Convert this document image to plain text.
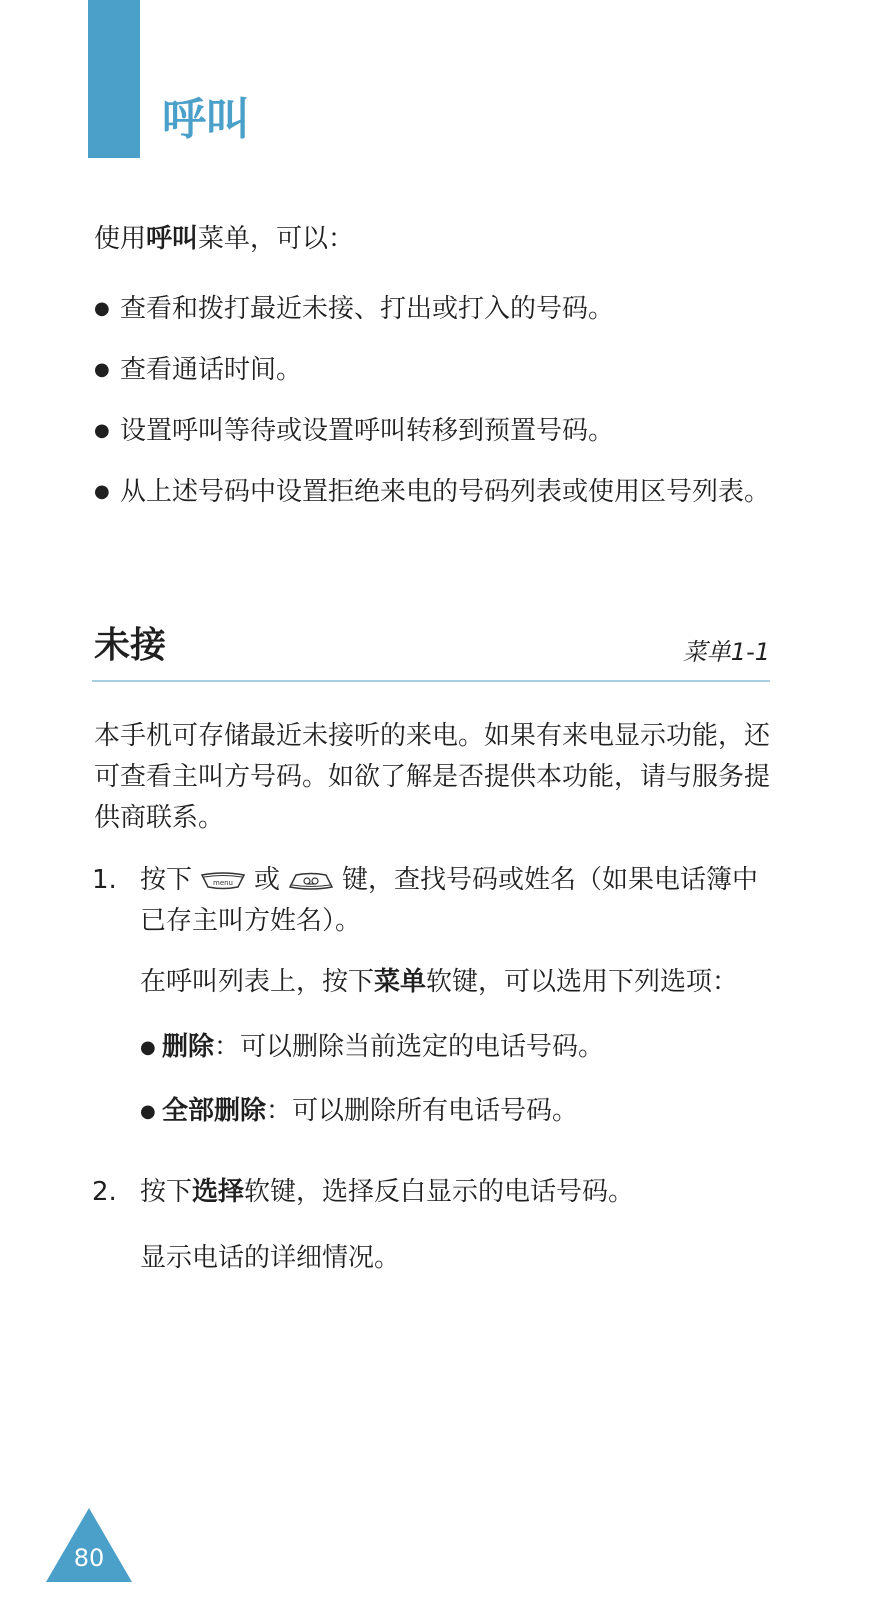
呼叫
使用呼叫菜单，可以：
● 查看和拨打最近未接、打出或打入的号码。
● 查看通话时间。
● 设置呼叫等待或设置呼叫转移到预置号码。
● 从上述号码中设置拒绝来电的号码列表或使用区号列表。
未接	菜单1-1
本手机可存储最近未接听的来电。如果有来电显示功能，还可查看主叫方号码。如欲了解是否提供本功能，请与服务提供商联系。
1. 按下	menu 或 键，查找号码或姓名（如果电话簿中已存主叫方姓名）。
在呼叫列表上，按下菜单软键，可以选用下列选项：
● 删除：可以删除当前选定的电话号码。
● 全部删除：可以删除所有电话号码。
2. 按下选择软键，选择反白显示的电话号码。
显示电话的详细情况。
80
